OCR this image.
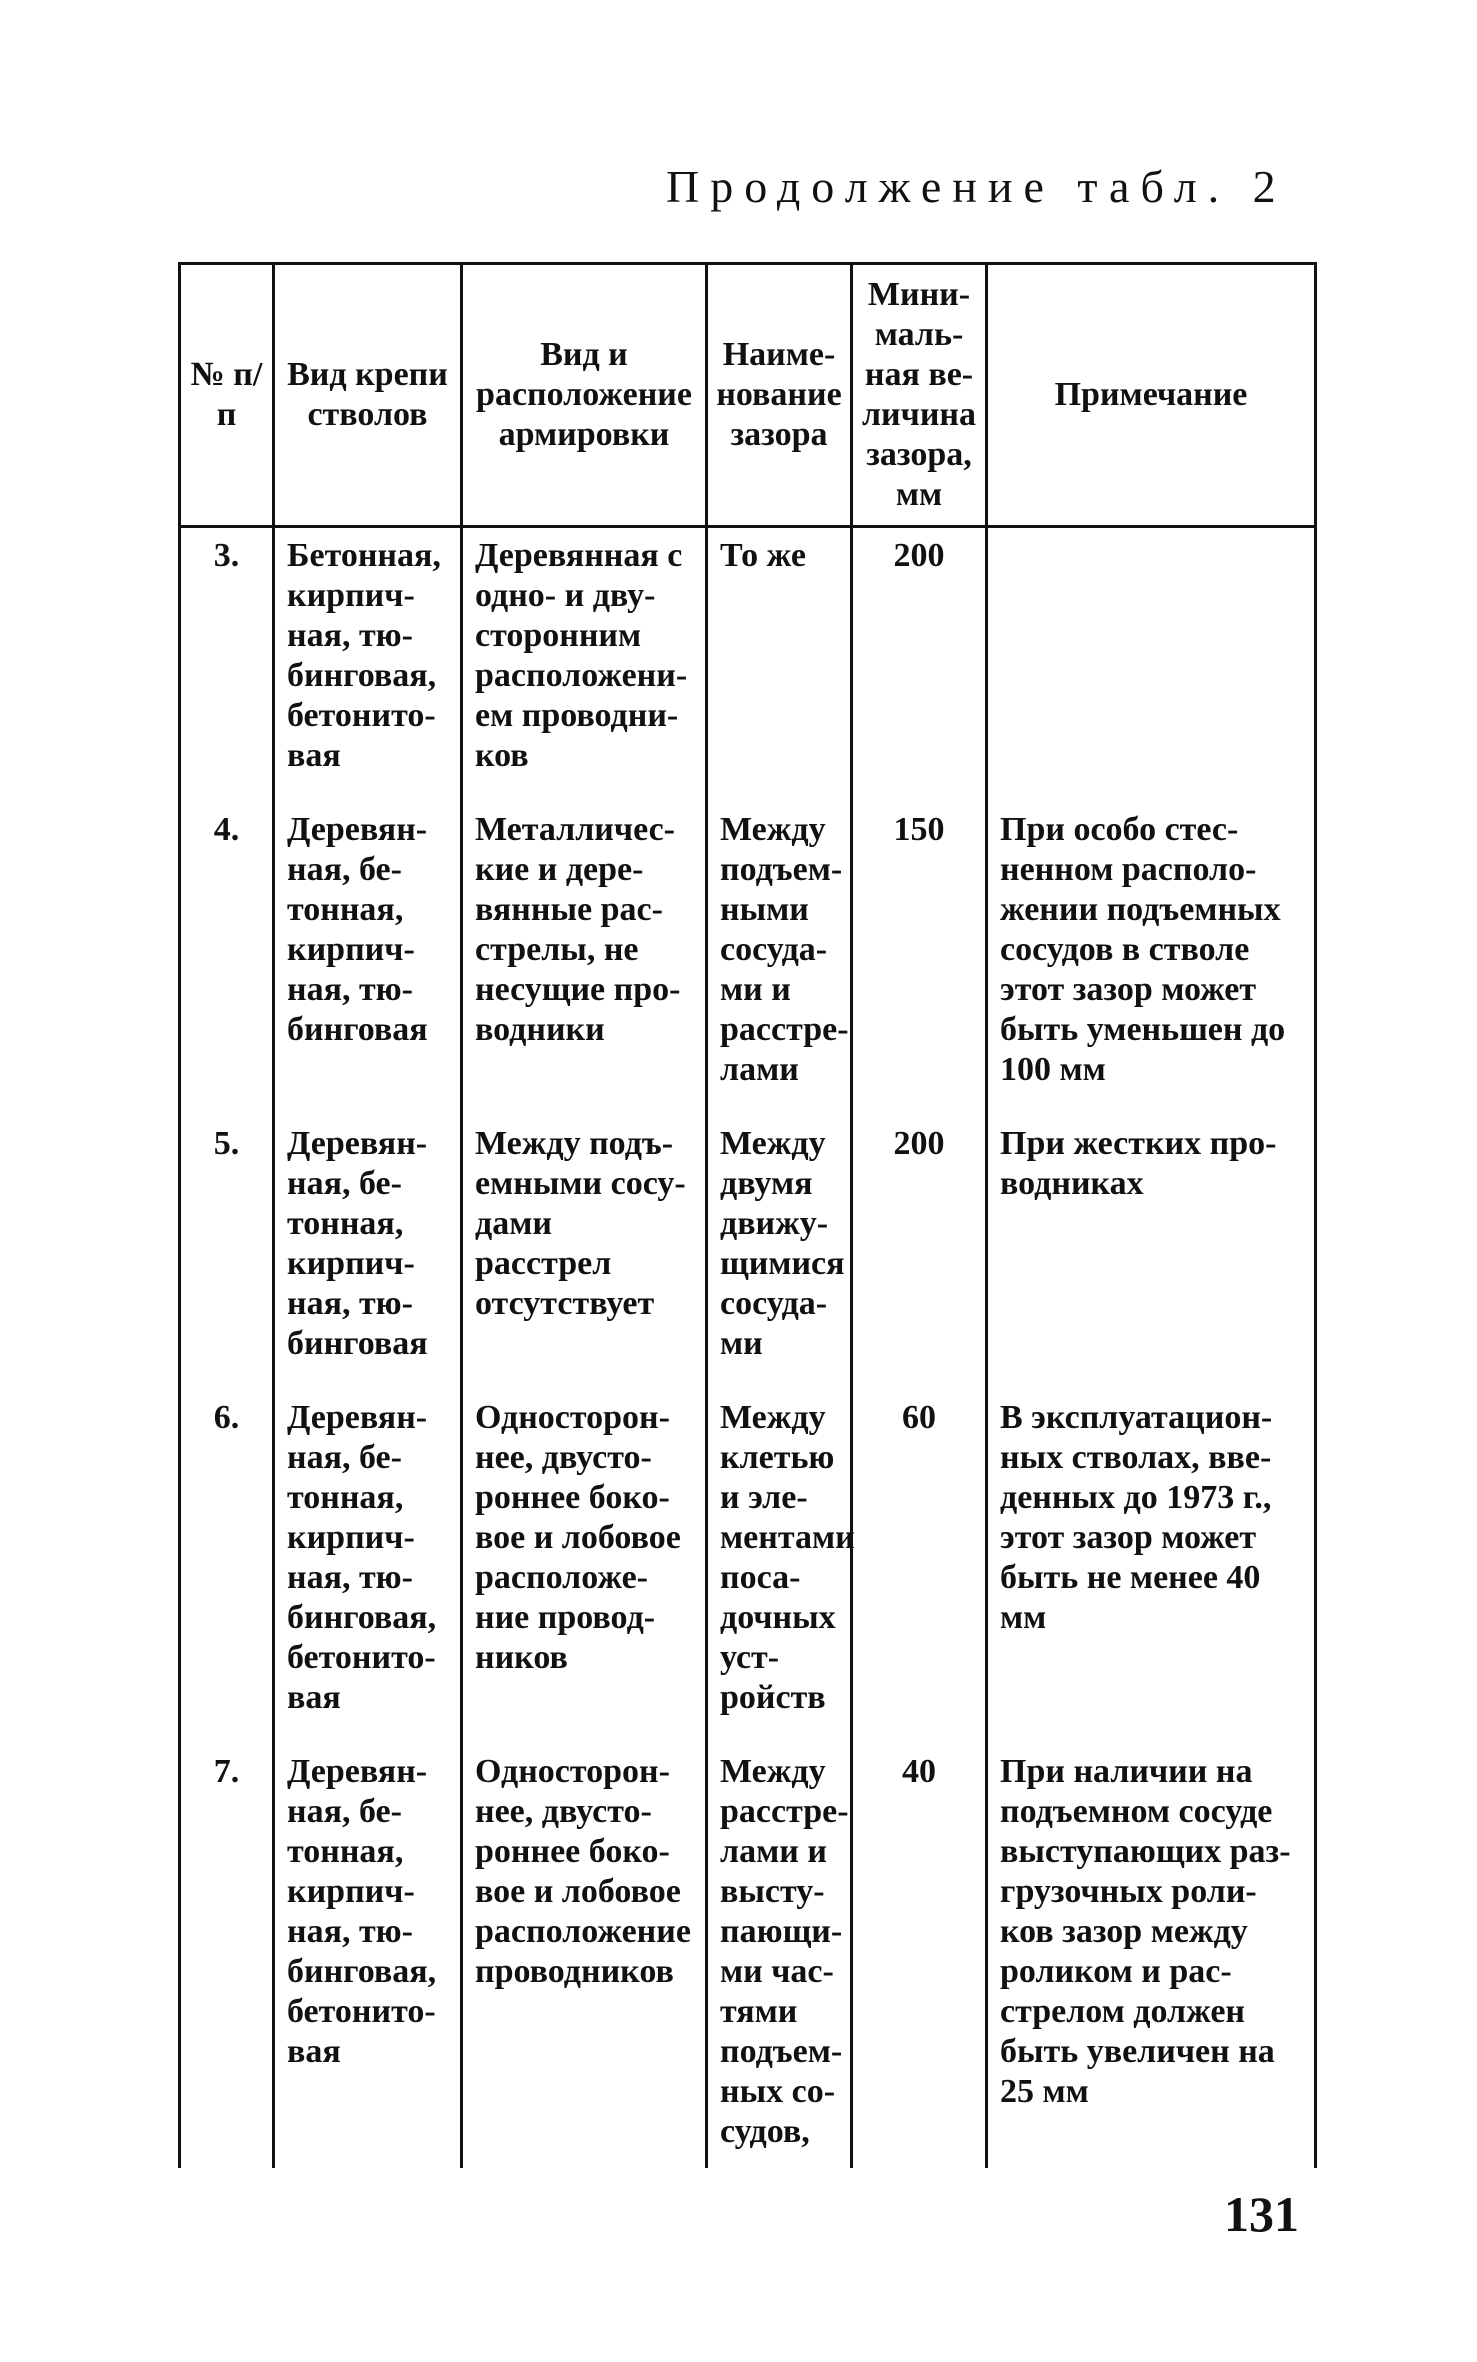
Продолжение табл. 2
№ п/п	Вид крепи стволов	Вид и расположение армировки	Наиме- нование зазора	Мини- маль- ная ве- личина зазора, мм	Примечание
3.	Бетонная, кирпич- ная, тю- бинговая, бетонито- вая	Деревянная с одно- и дву- сторонним расположени- ем проводни- ков	То же	200	
4.	Деревян- ная, бе- тонная, кирпич- ная, тю- бинговая	Металличес- кие и дере- вянные рас- стрелы, не несущие про- водники	Между подъем- ными сосуда- ми и расстре- лами	150	При особо стес- ненном располо- жении подъемных сосудов в стволе этот зазор может быть уменьшен до 100 мм
5.	Деревян- ная, бе- тонная, кирпич- ная, тю- бинговая	Между подъ- емными сосу- дами расстрел отсутствует	Между двумя движу- щимися сосуда- ми	200	При жестких про- водниках
6.	Деревян- ная, бе- тонная, кирпич- ная, тю- бинговая, бетонито- вая	Односторон- нее, двусто- роннее боко- вое и лобовое расположе- ние провод- ников	Между клетью и эле- ментами поса- дочных уст- ройств	60	В эксплуатацион- ных стволах, вве- денных до 1973 г., этот зазор может быть не менее 40 мм
7.	Деревян- ная, бе- тонная, кирпич- ная, тю- бинговая, бетонито- вая	Односторон- нее, двусто- роннее боко- вое и лобовое расположение проводников	Между расстре- лами и высту- пающи- ми час- тями подъем- ных со- судов,	40	При наличии на подъемном сосуде выступающих раз- грузочных роли- ков зазор между роликом и рас- стрелом должен быть увеличен на 25 мм
131
